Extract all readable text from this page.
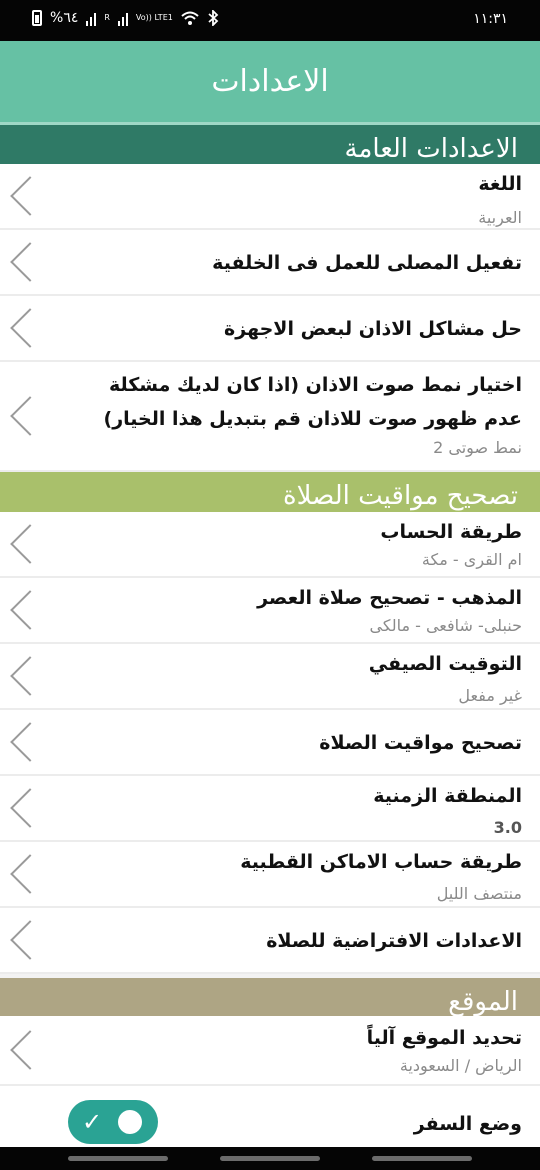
%٦٤	R	Vo)) LTE1	١١:٣١
الاعدادات
الاعدادات العامة
اللغة
العربية
تفعيل المصلى للعمل فى الخلفية
حل مشاكل الاذان لبعض الاجهزة
اختيار نمط صوت الاذان (اذا كان لديك مشكلة عدم ظهور صوت للاذان قم بتبديل هذا الخيار)
نمط صوتى 2
تصحيح مواقيت الصلاة
طريقة الحساب
ام القرى - مكة
المذهب - تصحيح صلاة العصر
حنبلى- شافعى - مالكى
التوقيت الصيفي
غير مفعل
تصحيح مواقيت الصلاة
المنطقة الزمنية
3.0
طريقة حساب الاماكن القطبية
منتصف الليل
الاعدادات الافتراضية للصلاة
الموقع
تحديد الموقع آلياً
الرياض / السعودية
وضع السفر
✓
